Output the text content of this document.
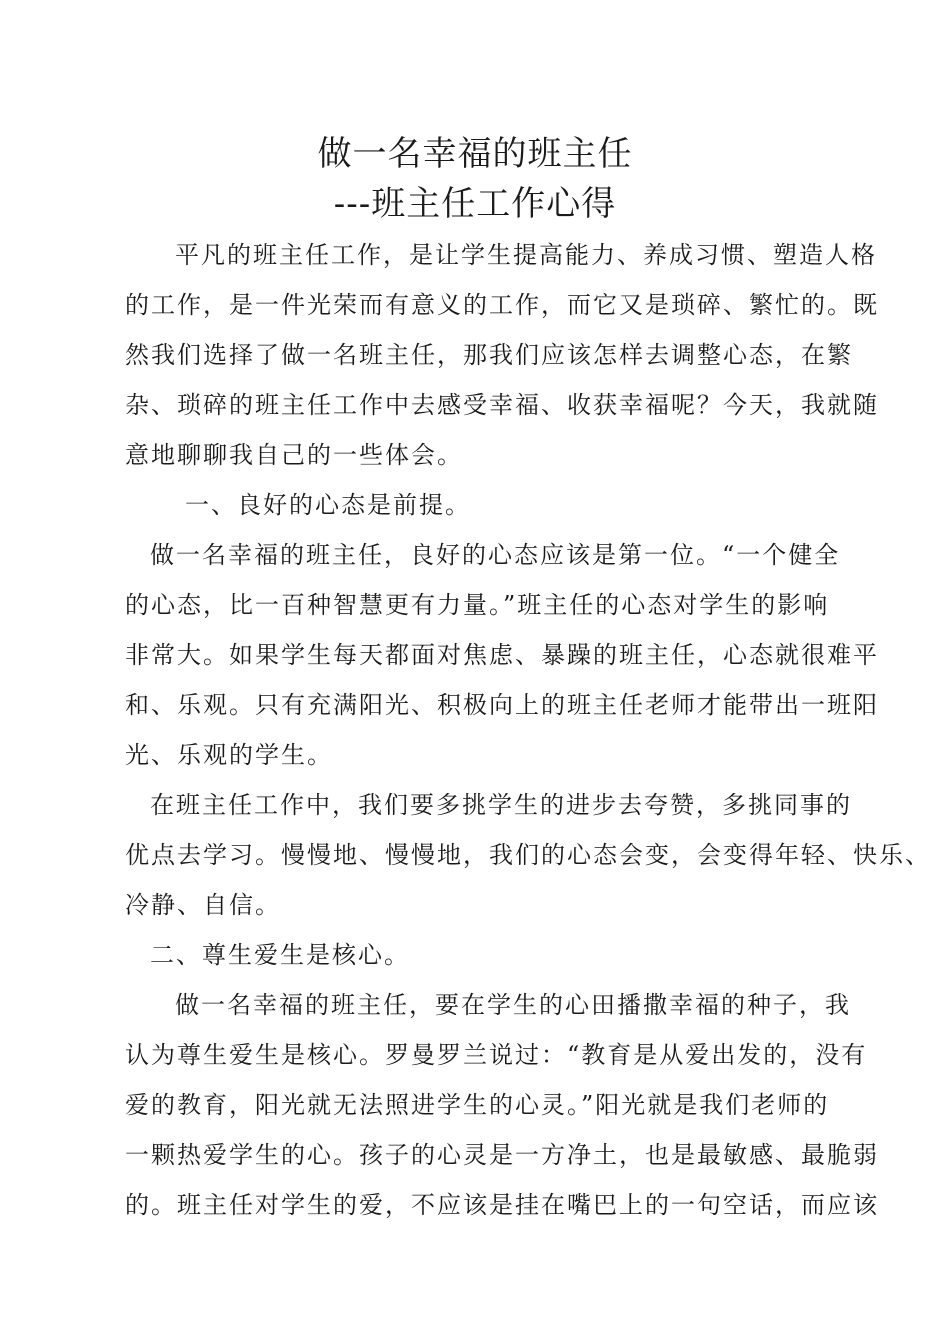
做一名幸福的班主任
---班主任工作心得
平凡的班主任工作，是让学生提高能力、养成习惯、塑造人格
的工作，是一件光荣而有意义的工作，而它又是琐碎、繁忙的。既
然我们选择了做一名班主任，那我们应该怎样去调整心态，在繁
杂、琐碎的班主任工作中去感受幸福、收获幸福呢？今天，我就随
意地聊聊我自己的一些体会。
一、良好的心态是前提。
做一名幸福的班主任，良好的心态应该是第一位。“一个健全
的心态，比一百种智慧更有力量。”班主任的心态对学生的影响
非常大。如果学生每天都面对焦虑、暴躁的班主任，心态就很难平
和、乐观。只有充满阳光、积极向上的班主任老师才能带出一班阳
光、乐观的学生。
在班主任工作中，我们要多挑学生的进步去夸赞，多挑同事的
优点去学习。慢慢地、慢慢地，我们的心态会变，会变得年轻、快乐、
冷静、自信。
二、尊生爱生是核心。
做一名幸福的班主任，要在学生的心田播撒幸福的种子，我
认为尊生爱生是核心。罗曼罗兰说过：“教育是从爱出发的，没有
爱的教育，阳光就无法照进学生的心灵。”阳光就是我们老师的
一颗热爱学生的心。孩子的心灵是一方净土，也是最敏感、最脆弱
的。班主任对学生的爱，不应该是挂在嘴巴上的一句空话，而应该
